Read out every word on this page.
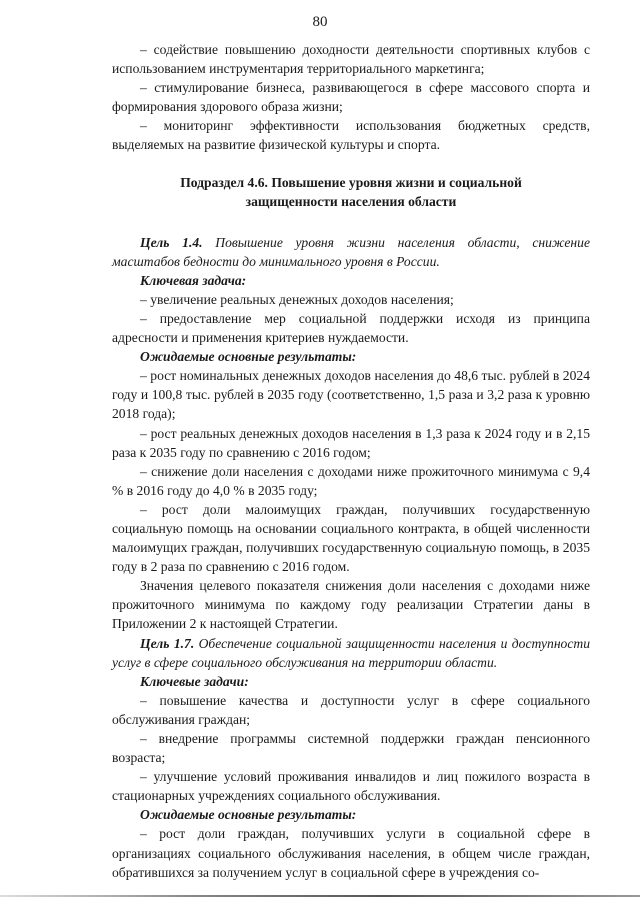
80

– содействие повышению доходности деятельности спортивных клубов с использованием инструментария территориального маркетинга;

– стимулирование бизнеса, развивающегося в сфере массового спорта и формирования здорового образа жизни;

– мониторинг эффективности использования бюджетных средств, выделяемых на развитие физической культуры и спорта.

Подраздел 4.6. Повышение уровня жизни и социальной
защищенности населения области

Цель 1.4. Повышение уровня жизни населения области, снижение масштабов бедности до минимального уровня в России.

Ключевая задача:

– увеличение реальных денежных доходов населения;

– предоставление мер социальной поддержки исходя из принципа адресности и применения критериев нуждаемости.

Ожидаемые основные результаты:

– рост номинальных денежных доходов населения до 48,6 тыс. рублей в 2024 году и 100,8 тыс. рублей в 2035 году (соответственно, 1,5 раза и 3,2 раза к уровню 2018 года);

– рост реальных денежных доходов населения в 1,3 раза к 2024 году и в 2,15 раза к 2035 году по сравнению с 2016 годом;

– снижение доли населения с доходами ниже прожиточного минимума с 9,4 % в 2016 году до 4,0 % в 2035 году;

– рост доли малоимущих граждан, получивших государственную социальную помощь на основании социального контракта, в общей численности малоимущих граждан, получивших государственную социальную помощь, в 2035 году в 2 раза по сравнению с 2016 годом.

Значения целевого показателя снижения доли населения с доходами ниже прожиточного минимума по каждому году реализации Стратегии даны в Приложении 2 к настоящей Стратегии.

Цель 1.7. Обеспечение социальной защищенности населения и доступности услуг в сфере социального обслуживания на территории области.

Ключевые задачи:

– повышение качества и доступности услуг в сфере социального обслуживания граждан;

– внедрение программы системной поддержки граждан пенсионного возраста;

– улучшение условий проживания инвалидов и лиц пожилого возраста в стационарных учреждениях социального обслуживания.

Ожидаемые основные результаты:

– рост доли граждан, получивших услуги в социальной сфере в организациях социального обслуживания населения, в общем числе граждан, обратившихся за получением услуг в социальной сфере в учреждения со-
